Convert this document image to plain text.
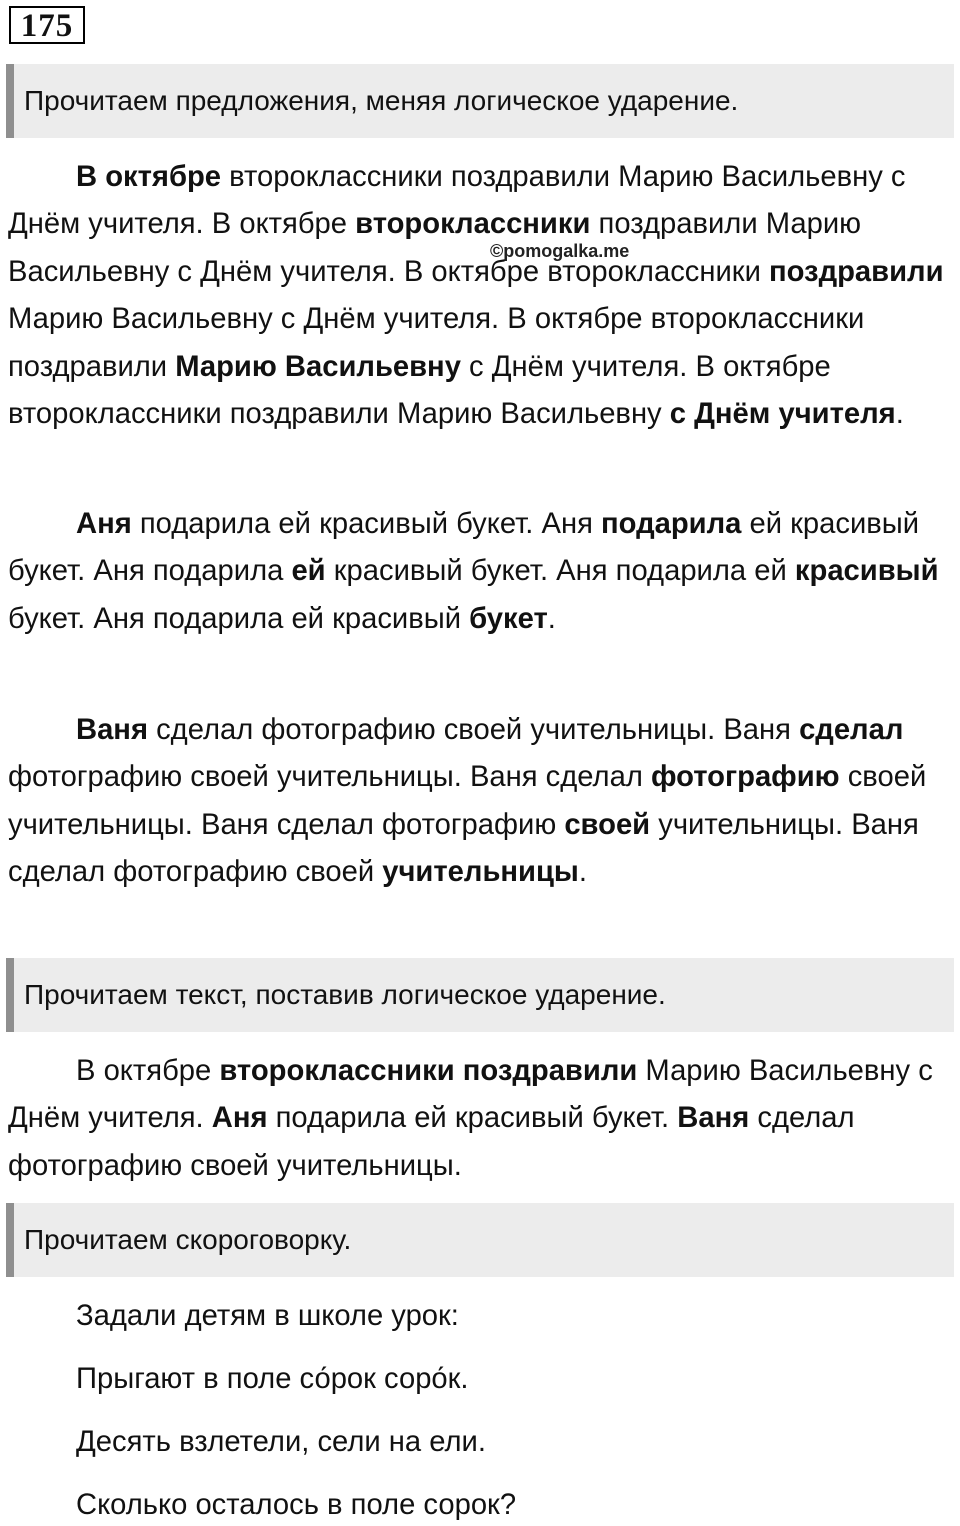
175
Прочитаем предложения, меняя логическое ударение.
©pomogalka.me

В октябре второклассники поздравили Марию Васильевну с Днём учителя. В октябре второклассники поздравили Марию Васильевну с Днём учителя. В октябре второклассники поздравили Марию Васильевну с Днём учителя. В октябре второклассники поздравили Марию Васильевну с Днём учителя. В октябре второклассники поздравили Марию Васильевну с Днём учителя.

Аня подарила ей красивый букет. Аня подарила ей красивый букет. Аня подарила ей красивый букет. Аня подарила ей красивый букет. Аня подарила ей красивый букет.

Ваня сделал фотографию своей учительницы. Ваня сделал фотографию своей учительницы. Ваня сделал фотографию своей учительницы. Ваня сделал фотографию своей учительницы. Ваня сделал фотографию своей учительницы.

Прочитаем текст, поставив логическое ударение.

В октябре второклассники поздравили Марию Васильевну с Днём учителя. Аня подарила ей красивый букет. Ваня сделал фотографию своей учительницы.

Прочитаем скороговорку.
Задали детям в школе урок:
Прыгают в поле со́рок соро́к.
Десять взлетели, сели на ели.
Сколько осталось в поле сорок?
